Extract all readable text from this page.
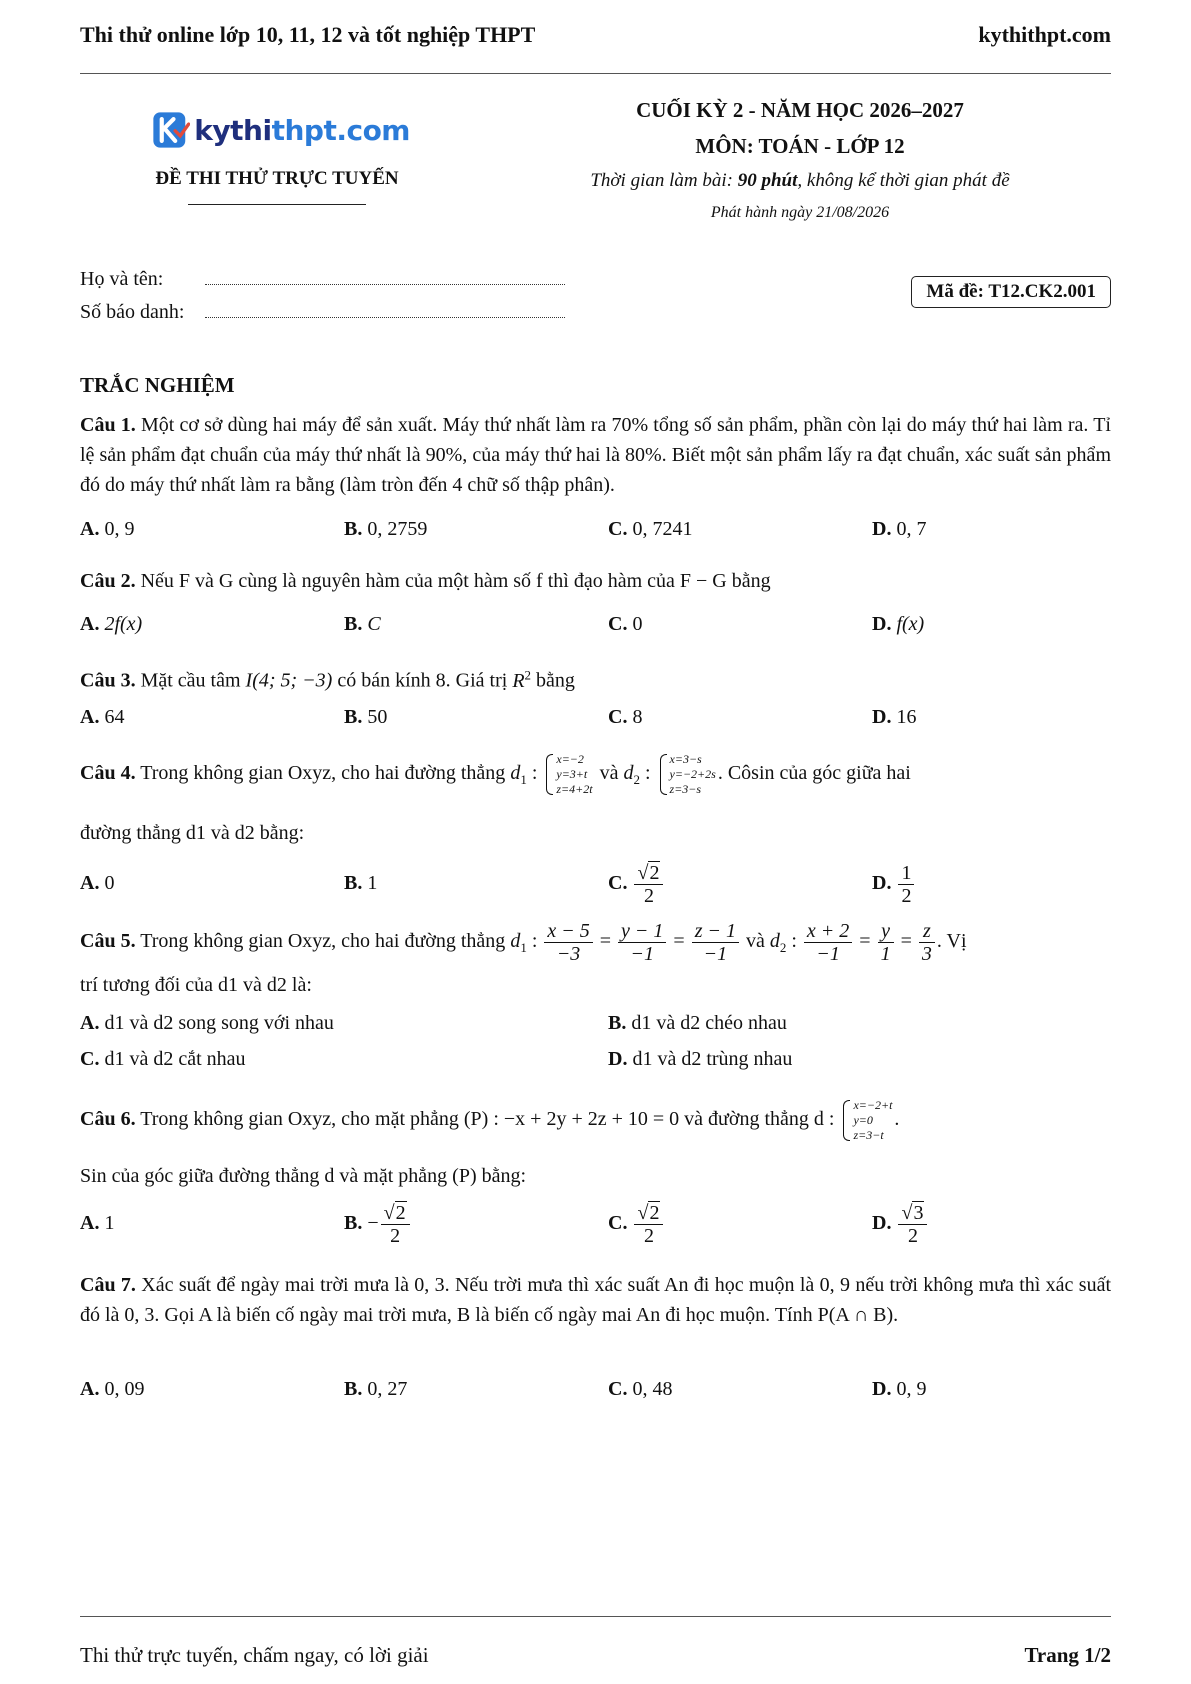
Thi thử online lớp 10, 11, 12 và tốt nghiệp THPT	kythithpt.com
kythithpt.com
ĐỀ THI THỬ TRỰC TUYẾN
CUỐI KỲ 2 - NĂM HỌC 2026–2027
MÔN: TOÁN - LỚP 12
Thời gian làm bài: 90 phút, không kể thời gian phát đề
Phát hành ngày 21/08/2026
Họ và tên:
Số báo danh:
Mã đề: T12.CK2.001
TRẮC NGHIỆM
Câu 1. Một cơ sở dùng hai máy để sản xuất. Máy thứ nhất làm ra 70% tổng số sản phẩm, phần còn lại do máy thứ hai làm ra. Tỉ lệ sản phẩm đạt chuẩn của máy thứ nhất là 90%, của máy thứ hai là 80%. Biết một sản phẩm lấy ra đạt chuẩn, xác suất sản phẩm đó do máy thứ nhất làm ra bằng (làm tròn đến 4 chữ số thập phân).
A. 0, 9	B. 0, 2759	C. 0, 7241	D. 0, 7
Câu 2. Nếu F và G cùng là nguyên hàm của một hàm số f thì đạo hàm của F − G bằng
A. 2f(x)	B. C	C. 0	D. f(x)
Câu 3. Mặt cầu tâm I(4; 5; −3) có bán kính 8. Giá trị $R^2$ bằng
A. 64	B. 50	C. 8	D. 16
Câu 4. Trong không gian Oxyz, cho hai đường thẳng $d_1$ :
x=−2
y=3+t
z=4+2t
và $d_2$ :
x=3−s
y=−2+2s
z=3−s
. Côsin của góc giữa hai
đường thẳng d1 và d2 bằng:
A. 0	B. 1	C. $\frac{√2}{2}$	D. $\frac{1}{2}$
Câu 5. Trong không gian Oxyz, cho hai đường thẳng $d_1$ : $\frac{x - 5}{-3} = \frac{y - 1}{-1} = \frac{z - 1}{-1}$ và $d_2$ : $\frac{x + 2}{-1} = \frac{y}{1} = \frac{z}{3}$ . Vị
trí tương đối của d1 và d2 là:
A. d1 và d2 song song với nhau	B. d1 và d2 chéo nhau
C. d1 và d2 cắt nhau	D. d1 và d2 trùng nhau
Câu 6. Trong không gian Oxyz, cho mặt phẳng (P) : −x + 2y + 2z + 10 = 0 và đường thẳng d :
x=−2+t
y=0
z=3−t
.
Sin của góc giữa đường thẳng d và mặt phẳng (P) bằng:
A. 1	B. − $\frac{√2}{2}$	C. $\frac{√2}{2}$	D. $\frac{√3}{2}$
Câu 7. Xác suất để ngày mai trời mưa là 0, 3. Nếu trời mưa thì xác suất An đi học muộn là 0, 9 nếu trời không mưa thì xác suất đó là 0, 3. Gọi A là biến cố ngày mai trời mưa, B là biến cố ngày mai An đi học muộn. Tính P(A ∩ B).
A. 0, 09	B. 0, 27	C. 0, 48	D. 0, 9
Thi thử trực tuyến, chấm ngay, có lời giải	Trang 1/2
